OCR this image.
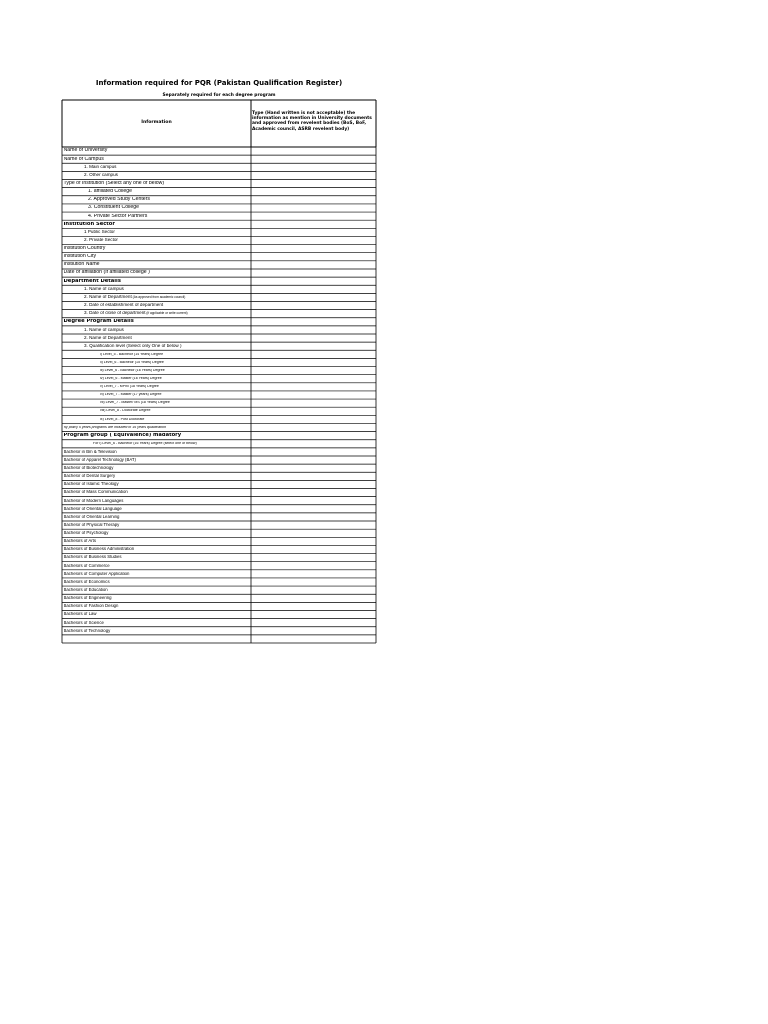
Information required for PQR (Pakistan Qualification Register)
Separately required for each degree program
Information
Type (Hand written is not acceptable) the information as mention in University documents and approved from revelent bodies (BoS, BoF, Academic council, ASRB revelent body)
Name of University
Name of Campus
1. Main campus
2. Other campus
Type of Institution (Select any one of below)
1. affiliated College
2. Approved Study Centers
3. Constituent College
4. Private Sector Partners
Institution Sector
1 Public Sector
2. Private Sector
Institution Country
Institution City
Instiution Name
Date of affiliation (If affiliated college )
Department Details
1. Name of campus
2. Name of Department (As approved from academic council)
2. Date of establishment of department
3. Date of close of department (if applicable or write current)
Degree Program Details
1. Name of campus
2. Name of Department
3. Qualification level (Select only One of below )
i) Level_5 - Bachelor (14 Years) Degree
ii) Level_6 - Bachelor (15 Years) Degree
iii) Level_6 - Bachelor (16 Years) Degree
iv) Level_6 - Master (16 Years) Degree
v) Level_7 - MPhil (18 Years) Degree
vi) Level_7 - Master (17 years) Degree
vii) Level_7 - Master/ MS (18 Years) Degree
viii) Level_8 - Doctorate Degree
ix) Level_8 - Post Doctorate
By policy 5 years programs are included in 16 years qualification
Program group ( Equivalence) madatory
For i) Level_6 - Bachelor (16 Years) Degree (select one of below)
Bachelor in Bm & Television
Bachelor of Apparel Technology (BAT)
Bachelor of Biotechnology
Bachelor of Dental Surgery
Bachelor of Islamic Theology
Bachelor of Mass Communication
Bachelor of Modern Languages
Bachelor of Oriental Language
Bachelor of Oriental Learning
Bachelor of Physical Therapy
Bachelor of Psychology
Bachelors of Arts
Bachelors of Business Administration
Bachelors of Business Studies
Bachelors of Commerce
Bachelors of Computer Application
Bachelors of Economics
Bachelors of Education
Bachelors of Engineering
Bachelors of Fashion Design
Bachelors of Law
Bachelors of Science
Bachelors of Technology
